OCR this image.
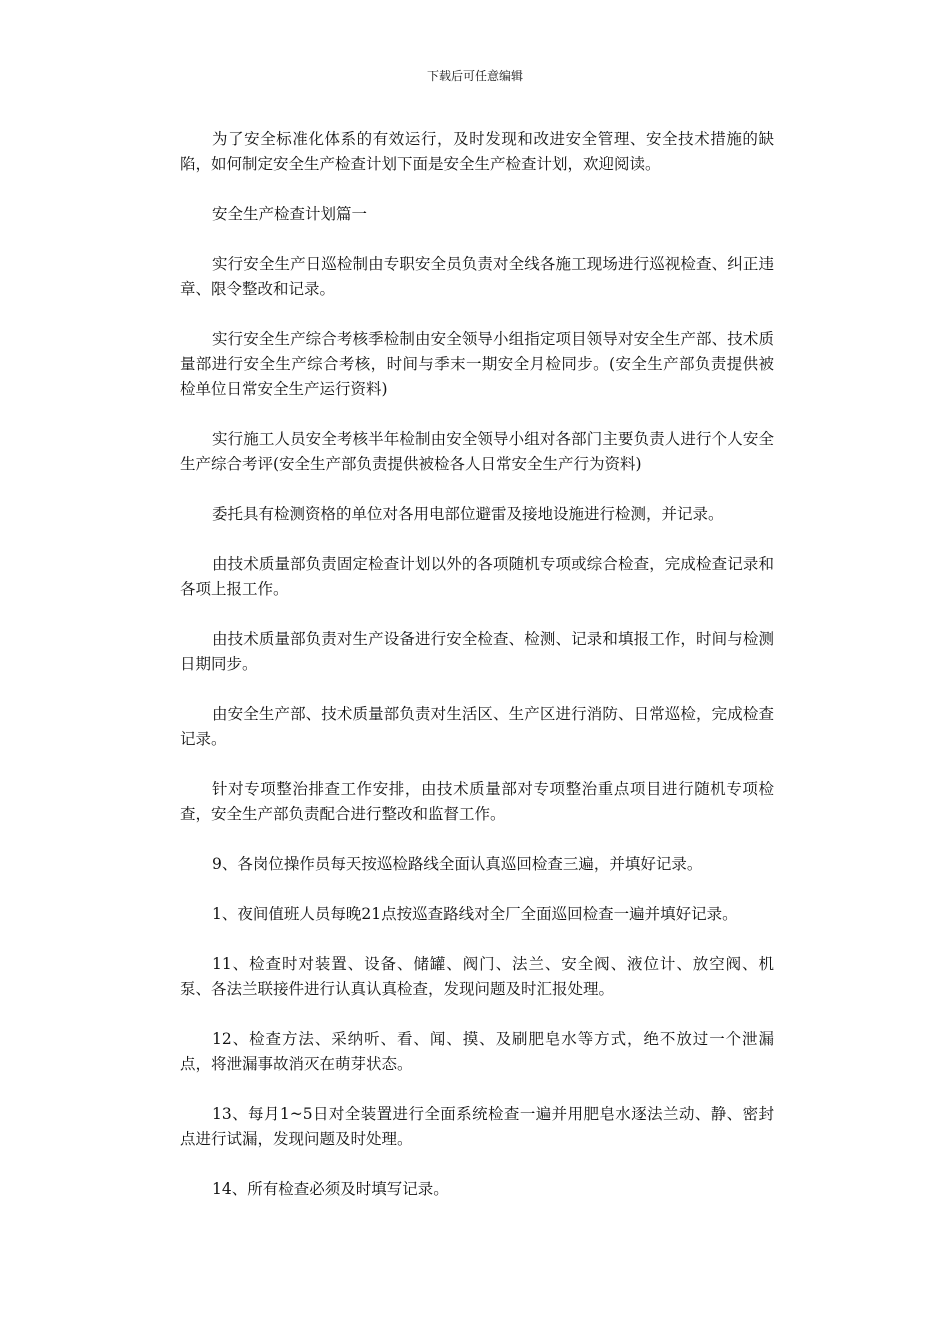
下载后可任意编辑

为了安全标准化体系的有效运行，及时发现和改进安全管理、安全技术措施的缺陷，如何制定安全生产检查计划下面是安全生产检查计划，欢迎阅读。

安全生产检查计划篇一

实行安全生产日巡检制由专职安全员负责对全线各施工现场进行巡视检查、纠正违章、限令整改和记录。

实行安全生产综合考核季检制由安全领导小组指定项目领导对安全生产部、技术质量部进行安全生产综合考核，时间与季末一期安全月检同步。(安全生产部负责提供被检单位日常安全生产运行资料)

实行施工人员安全考核半年检制由安全领导小组对各部门主要负责人进行个人安全生产综合考评(安全生产部负责提供被检各人日常安全生产行为资料)

委托具有检测资格的单位对各用电部位避雷及接地设施进行检测，并记录。

由技术质量部负责固定检查计划以外的各项随机专项或综合检查，完成检查记录和各项上报工作。

由技术质量部负责对生产设备进行安全检查、检测、记录和填报工作，时间与检测日期同步。

由安全生产部、技术质量部负责对生活区、生产区进行消防、日常巡检，完成检查记录。

针对专项整治排查工作安排，由技术质量部对专项整治重点项目进行随机专项检查，安全生产部负责配合进行整改和监督工作。

9、各岗位操作员每天按巡检路线全面认真巡回检查三遍，并填好记录。

1、夜间值班人员每晚21点按巡查路线对全厂全面巡回检查一遍并填好记录。

11、检查时对装置、设备、储罐、阀门、法兰、安全阀、液位计、放空阀、机泵、各法兰联接件进行认真认真检查，发现问题及时汇报处理。

12、检查方法、采纳听、看、闻、摸、及刷肥皂水等方式，绝不放过一个泄漏点，将泄漏事故消灭在萌芽状态。

13、每月1~5日对全装置进行全面系统检查一遍并用肥皂水逐法兰动、静、密封点进行试漏，发现问题及时处理。

14、所有检查必须及时填写记录。
